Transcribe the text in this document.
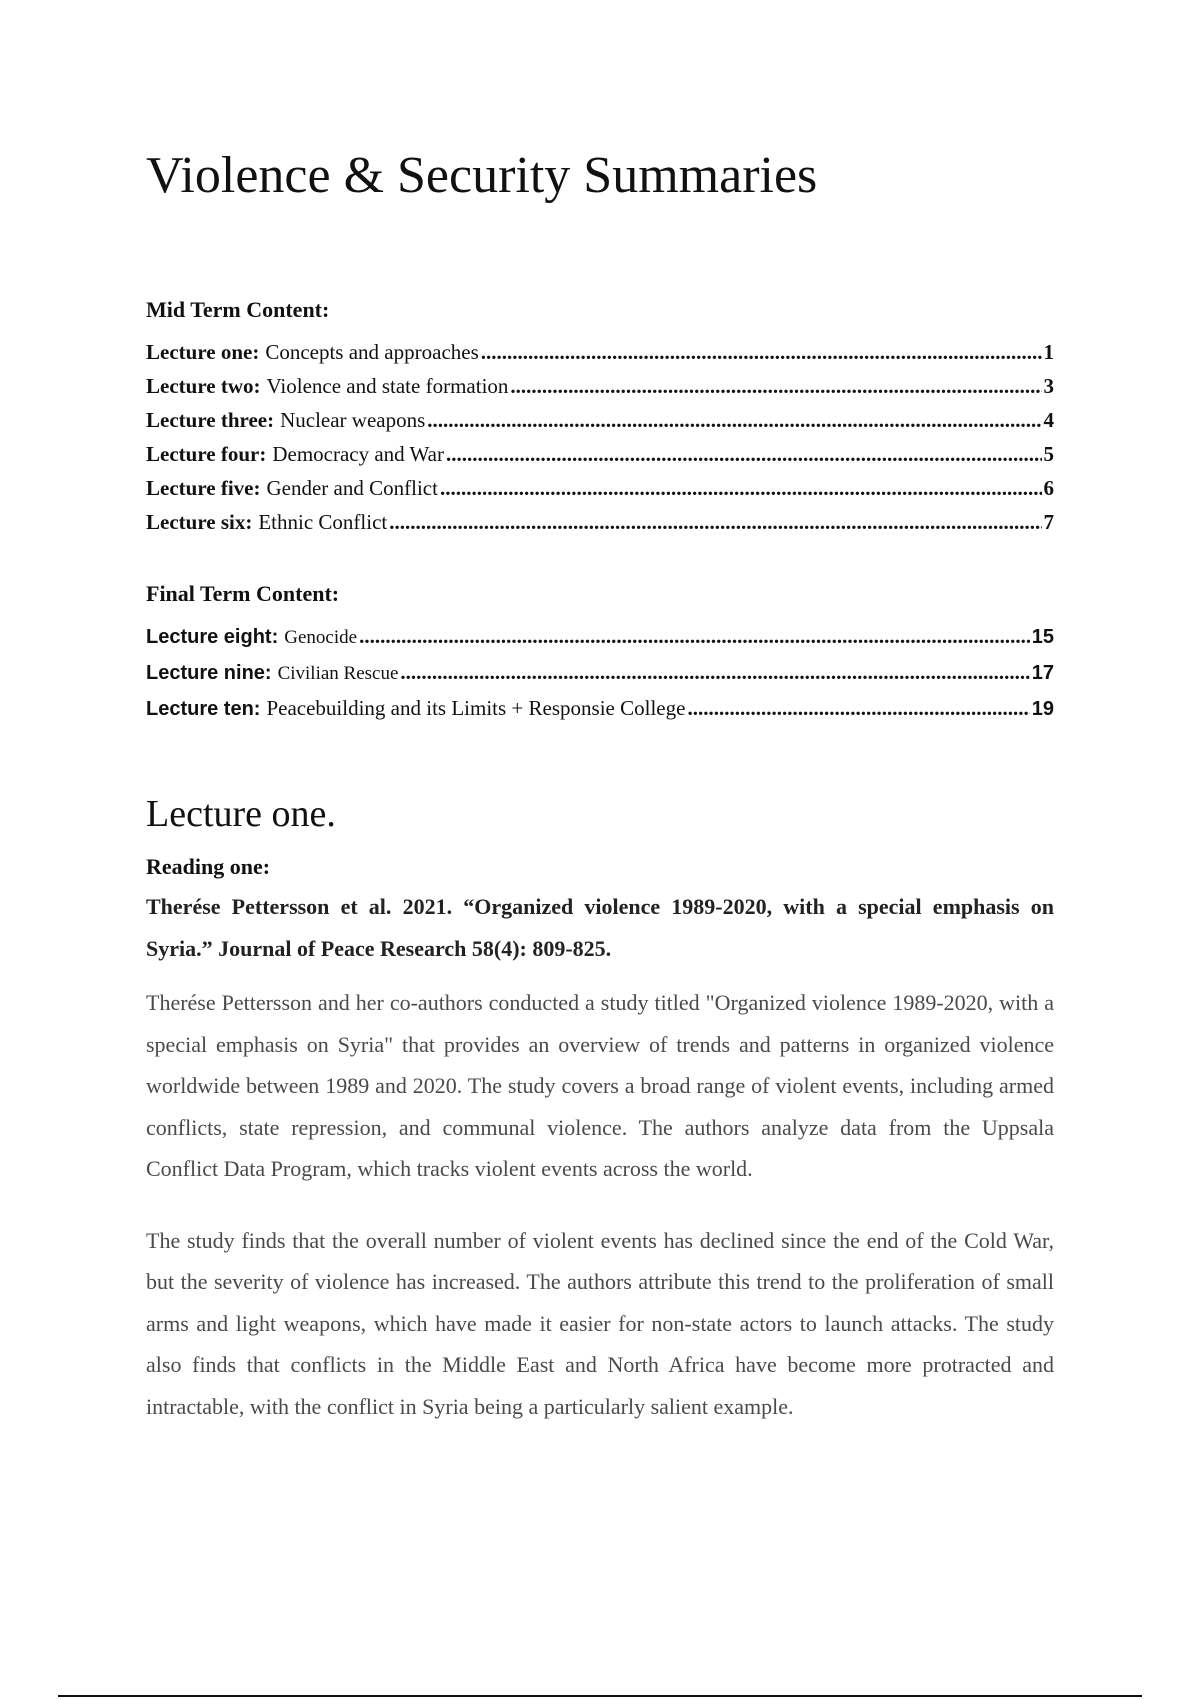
Violence & Security Summaries

Mid Term Content:

Lecture one: Concepts and approaches .....	1
Lecture two: Violence and state formation .....	3
Lecture three: Nuclear weapons .....	4
Lecture four: Democracy and War .....	5
Lecture five: Gender and Conflict .....	6
Lecture six: Ethnic Conflict .....	7

Final Term Content:

Lecture eight: Genocide .....	15
Lecture nine: Civilian Rescue .....	17
Lecture ten: Peacebuilding and its Limits + Responsie College .....	19
Lecture one.

Reading one:

Therése Pettersson et al. 2021. “Organized violence 1989-2020, with a special emphasis on Syria.” Journal of Peace Research 58(4): 809-825.

Therése Pettersson and her co-authors conducted a study titled "Organized violence 1989-2020, with a special emphasis on Syria" that provides an overview of trends and patterns in organized violence worldwide between 1989 and 2020. The study covers a broad range of violent events, including armed conflicts, state repression, and communal violence. The authors analyze data from the Uppsala Conflict Data Program, which tracks violent events across the world.

The study finds that the overall number of violent events has declined since the end of the Cold War, but the severity of violence has increased. The authors attribute this trend to the proliferation of small arms and light weapons, which have made it easier for non-state actors to launch attacks. The study also finds that conflicts in the Middle East and North Africa have become more protracted and intractable, with the conflict in Syria being a particularly salient example.
